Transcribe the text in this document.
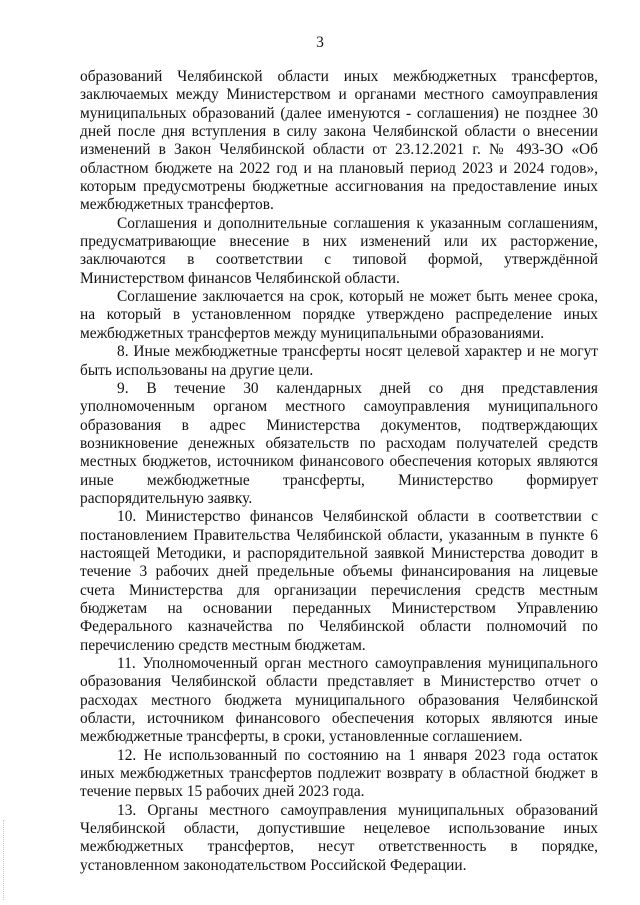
3

образований Челябинской области иных межбюджетных трансфертов, заключаемых между Министерством и органами местного самоуправления муниципальных образований (далее именуются - соглашения) не позднее 30 дней после дня вступления в силу закона Челябинской области о внесении изменений в Закон Челябинской области от 23.12.2021 г. № 493-ЗО «Об областном бюджете на 2022 год и на плановый период 2023 и 2024 годов», которым предусмотрены бюджетные ассигнования на предоставление иных межбюджетных трансфертов.

Соглашения и дополнительные соглашения к указанным соглашениям, предусматривающие внесение в них изменений или их расторжение, заключаются в соответствии с типовой формой, утверждённой Министерством финансов Челябинской области.

Соглашение заключается на срок, который не может быть менее срока, на который в установленном порядке утверждено распределение иных межбюджетных трансфертов между муниципальными образованиями.

8. Иные межбюджетные трансферты носят целевой характер и не могут быть использованы на другие цели.

9. В течение 30 календарных дней со дня представления уполномоченным органом местного самоуправления муниципального образования в адрес Министерства документов, подтверждающих возникновение денежных обязательств по расходам получателей средств местных бюджетов, источником финансового обеспечения которых являются иные межбюджетные трансферты, Министерство формирует распорядительную заявку.

10. Министерство финансов Челябинской области в соответствии с постановлением Правительства Челябинской области, указанным в пункте 6 настоящей Методики, и распорядительной заявкой Министерства доводит в течение 3 рабочих дней предельные объемы финансирования на лицевые счета Министерства для организации перечисления средств местным бюджетам на основании переданных Министерством Управлению Федерального казначейства по Челябинской области полномочий по перечислению средств местным бюджетам.

11. Уполномоченный орган местного самоуправления муниципального образования Челябинской области представляет в Министерство отчет о расходах местного бюджета муниципального образования Челябинской области, источником финансового обеспечения которых являются иные межбюджетные трансферты, в сроки, установленные соглашением.

12. Не использованный по состоянию на 1 января 2023 года остаток иных межбюджетных трансфертов подлежит возврату в областной бюджет в течение первых 15 рабочих дней 2023 года.

13. Органы местного самоуправления муниципальных образований Челябинской области, допустившие нецелевое использование иных межбюджетных трансфертов, несут ответственность в порядке, установленном законодательством Российской Федерации.
